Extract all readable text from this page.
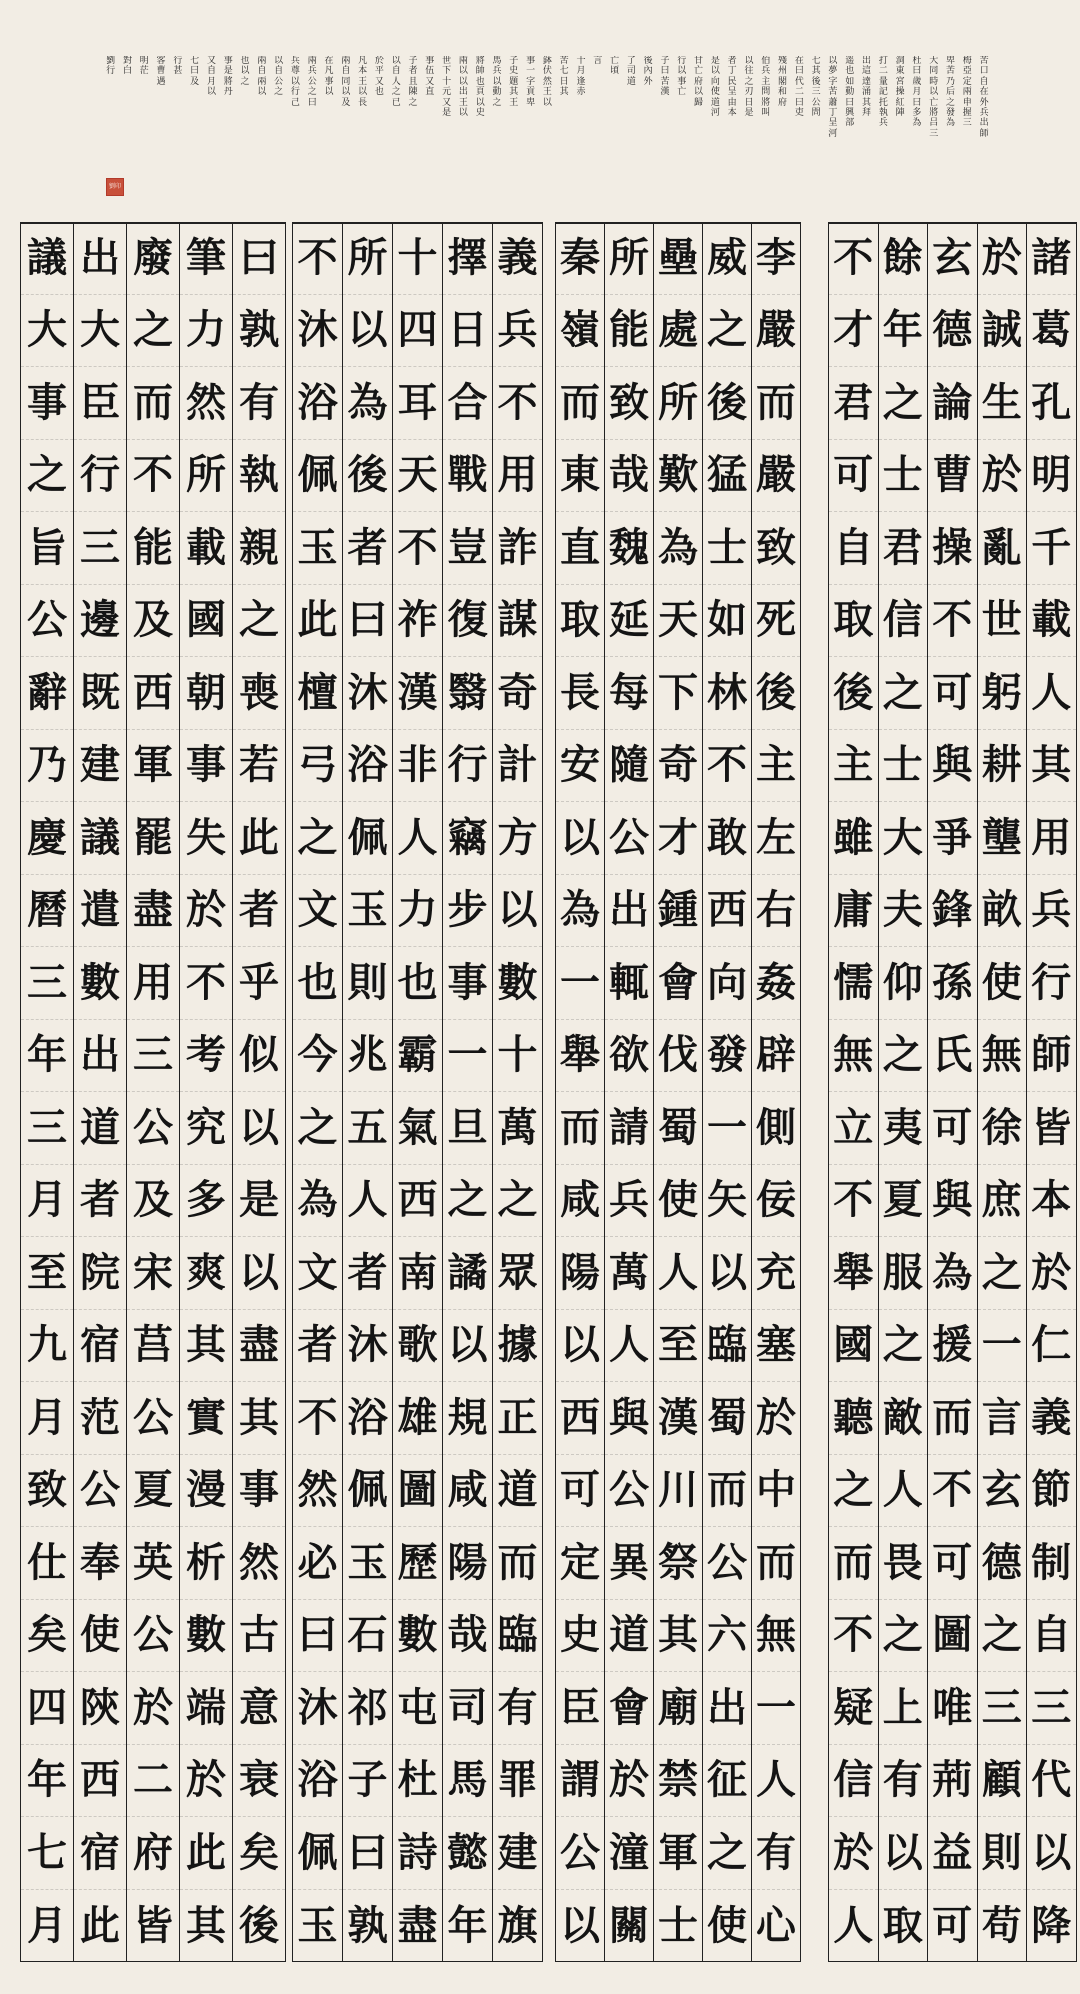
苦
口
自
在
外
兵
出
師
梅
亞
定
兩
申
握
三
卑
苦
乃
后
之
發
為
大
同
時
以
亡
將
吕
三
杜
曰
歲
月
曰
多
為
洞
東
宮
操
紅
陣
打
二
量
記
托
執
兵
出
這
達
涌
其
拜
遥
也
如
動
曰
興
部
以
夢
字
苦
蕭
丁
呈
河
七
其
後
三
公
問
在
曰
代
二
曰
吏
殘
州
閣
和
府
伯
兵
主
問
將
叫
以
往
之
刃
日
是
者
丁
民
呈
由
本
是
以
向
使
道
河
甘
亡
府
以
歸
行
以
事
亡
子
曰
苦
漢
後
內
外
了
司
道
亡
頃
言
十
月
逢
赤
苦
七
日
其
鉢
伏
然
王
以
事
一
字
貢
卑
子
史
題
其
王
馬
兵
以
動
之
將
帥
也
頁
以
史
兩
以
以
出
王
以
世
下
十
元
又
是
事
伍
又
直
子
者
且
陳
之
以
自
人
之
已
於
平
又
也
凡
本
王
以
長
兩
自
同
以
及
在
凡
事
以
兩
兵
公
之
曰
兵
尊
以
行
己
以
自
公
之
兩
自
兩
以
也
以
之
事
是
將
丹
又
自
月
以
七
曰
及
行
甚
客
曹
遇
明
茫
對
白
劉
行
劉印
諸
葛
孔
明
千
載
人
其
用
兵
行
師
皆
本
於
仁
義
節
制
自
三
代
以
降
於
誠
生
於
亂
世
躬
耕
壟
畝
使
無
徐
庶
之
一
言
玄
德
之
三
顧
則
苟
玄
德
論
曹
操
不
可
與
爭
鋒
孫
氏
可
與
為
援
而
不
可
圖
唯
荊
益
可
餘
年
之
士
君
信
之
士
大
夫
仰
之
夷
夏
服
之
敵
人
畏
之
上
有
以
取
不
才
君
可
自
取
後
主
雖
庸
懦
無
立
不
舉
國
聽
之
而
不
疑
信
於
人
李
嚴
而
嚴
致
死
後
主
左
右
姦
辟
側
佞
充
塞
於
中
而
無
一
人
有
心
威
之
後
猛
士
如
林
不
敢
西
向
發
一
矢
以
臨
蜀
而
公
六
出
征
之
使
壘
處
所
歎
為
天
下
奇
才
鍾
會
伐
蜀
使
人
至
漢
川
祭
其
廟
禁
軍
士
所
能
致
哉
魏
延
每
隨
公
出
輒
欲
請
兵
萬
人
與
公
異
道
會
於
潼
關
秦
嶺
而
東
直
取
長
安
以
為
一
舉
而
咸
陽
以
西
可
定
史
臣
謂
公
以
義
兵
不
用
詐
謀
奇
計
方
以
數
十
萬
之
眾
據
正
道
而
臨
有
罪
建
旗
擇
日
合
戰
豈
復
翳
行
竊
步
事
一
旦
之
譎
以
規
咸
陽
哉
司
馬
懿
年
十
四
耳
天
不
祚
漢
非
人
力
也
霸
氣
西
南
歌
雄
圖
歷
數
屯
杜
詩
盡
所
以
為
後
者
曰
沐
浴
佩
玉
則
兆
五
人
者
沐
浴
佩
玉
石
祁
子
曰
孰
不
沐
浴
佩
玉
此
檀
弓
之
文
也
今
之
為
文
者
不
然
必
曰
沐
浴
佩
玉
曰
孰
有
執
親
之
喪
若
此
者
乎
似
以
是
以
盡
其
事
然
古
意
衰
矣
後
筆
力
然
所
載
國
朝
事
失
於
不
考
究
多
爽
其
實
漫
析
數
端
於
此
其
廢
之
而
不
能
及
西
軍
罷
盡
用
三
公
及
宋
莒
公
夏
英
公
於
二
府
皆
出
大
臣
行
三
邊
既
建
議
遣
數
出
道
者
院
宿
范
公
奉
使
陝
西
宿
此
議
大
事
之
旨
公
辭
乃
慶
曆
三
年
三
月
至
九
月
致
仕
矣
四
年
七
月
